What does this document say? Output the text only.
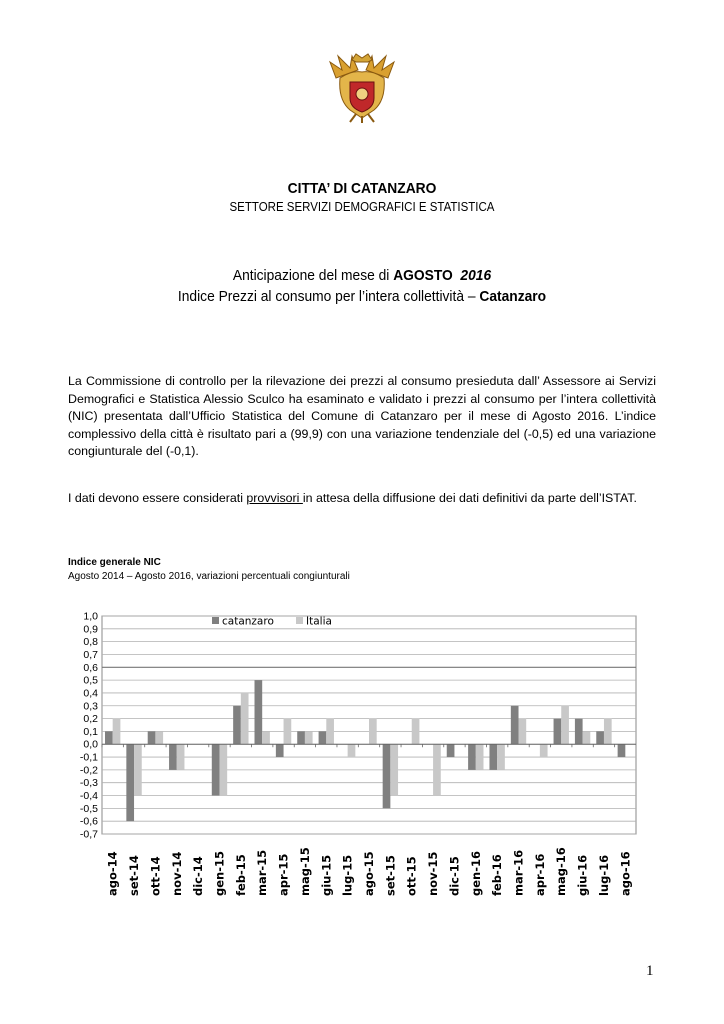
CITTA’ DI CATANZARO
SETTORE SERVIZI DEMOGRAFICI E STATISTICA
Anticipazione del mese di AGOSTO 2016
Indice Prezzi al consumo per l’intera collettività – Catanzaro
La Commissione di controllo per la rilevazione dei prezzi al consumo presieduta dall’ Assessore ai Servizi Demografici e Statistica Alessio Sculco ha esaminato e validato i prezzi al consumo per l’intera collettività (NIC) presentata dall’Ufficio Statistica del Comune di Catanzaro per il mese di Agosto 2016. L’indice complessivo della città è risultato pari a (99,9) con una variazione tendenziale del (-0,5) ed una variazione congiunturale del (-0,1).
I dati devono essere considerati provvisori in attesa della diffusione dei dati definitivi da parte dell’ISTAT.
Indice generale NIC
Agosto 2014 – Agosto 2016, variazioni percentuali congiunturali
1,0
0,9
0,8
0,7
0,6
0,5
0,4
0,3
0,2
0,1
0,0
-0,1
-0,2
-0,3
-0,4
-0,5
-0,6
-0,7
ago-14 set-14 ott-14 nov-14 dic-14 gen-15 feb-15 mar-15 apr-15 mag-15 giu-15 lug-15 ago-15 set-15 ott-15 nov-15 dic-15 gen-16 feb-16 mar-16 apr-16 mag-16 giu-16 lug-16 ago-16
catanzaro	Italia
1
